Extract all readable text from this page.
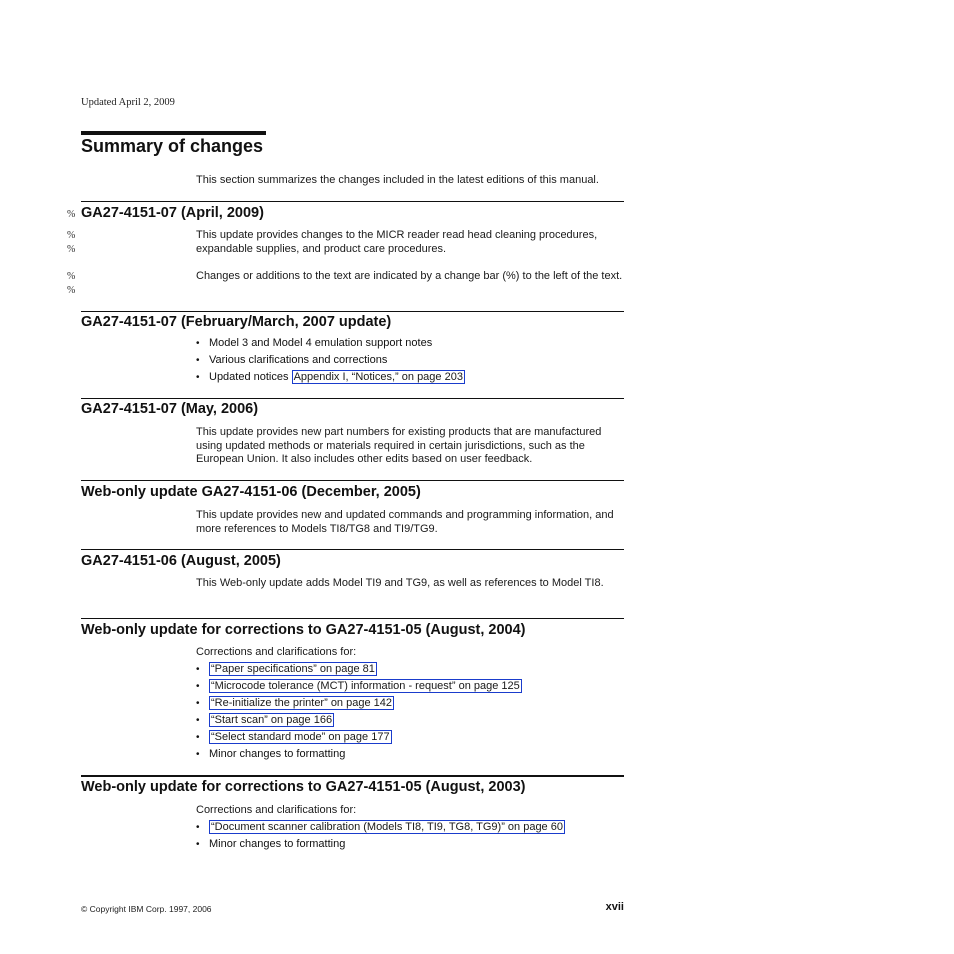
Updated April 2, 2009
Summary of changes

This section summarizes the changes included in the latest editions of this manual.

% GA27-4151-07 (April, 2009)
%
%

This update provides changes to the MICR reader read head cleaning procedures, expandable supplies, and product care procedures.

%
%

Changes or additions to the text are indicated by a change bar (%) to the left of the text.

GA27-4151-07 (February/March, 2007 update)
• Model 3 and Model 4 emulation support notes
• Various clarifications and corrections
• Updated notices Appendix I, “Notices,” on page 203
GA27-4151-07 (May, 2006)

This update provides new part numbers for existing products that are manufactured using updated methods or materials required in certain jurisdictions, such as the European Union. It also includes other edits based on user feedback.

Web-only update GA27-4151-06 (December, 2005)

This update provides new and updated commands and programming information, and more references to Models TI8/TG8 and TI9/TG9.

GA27-4151-06 (August, 2005)

This Web-only update adds Model TI9 and TG9, as well as references to Model TI8.

Web-only update for corrections to GA27-4151-05 (August, 2004)

Corrections and clarifications for:

• “Paper specifications” on page 81
• “Microcode tolerance (MCT) information - request” on page 125
• “Re-initialize the printer” on page 142
• “Start scan” on page 166
• “Select standard mode” on page 177
• Minor changes to formatting
Web-only update for corrections to GA27-4151-05 (August, 2003)

Corrections and clarifications for:

• “Document scanner calibration (Models TI8, TI9, TG8, TG9)” on page 60
• Minor changes to formatting
© Copyright IBM Corp. 1997, 2006	xvii
